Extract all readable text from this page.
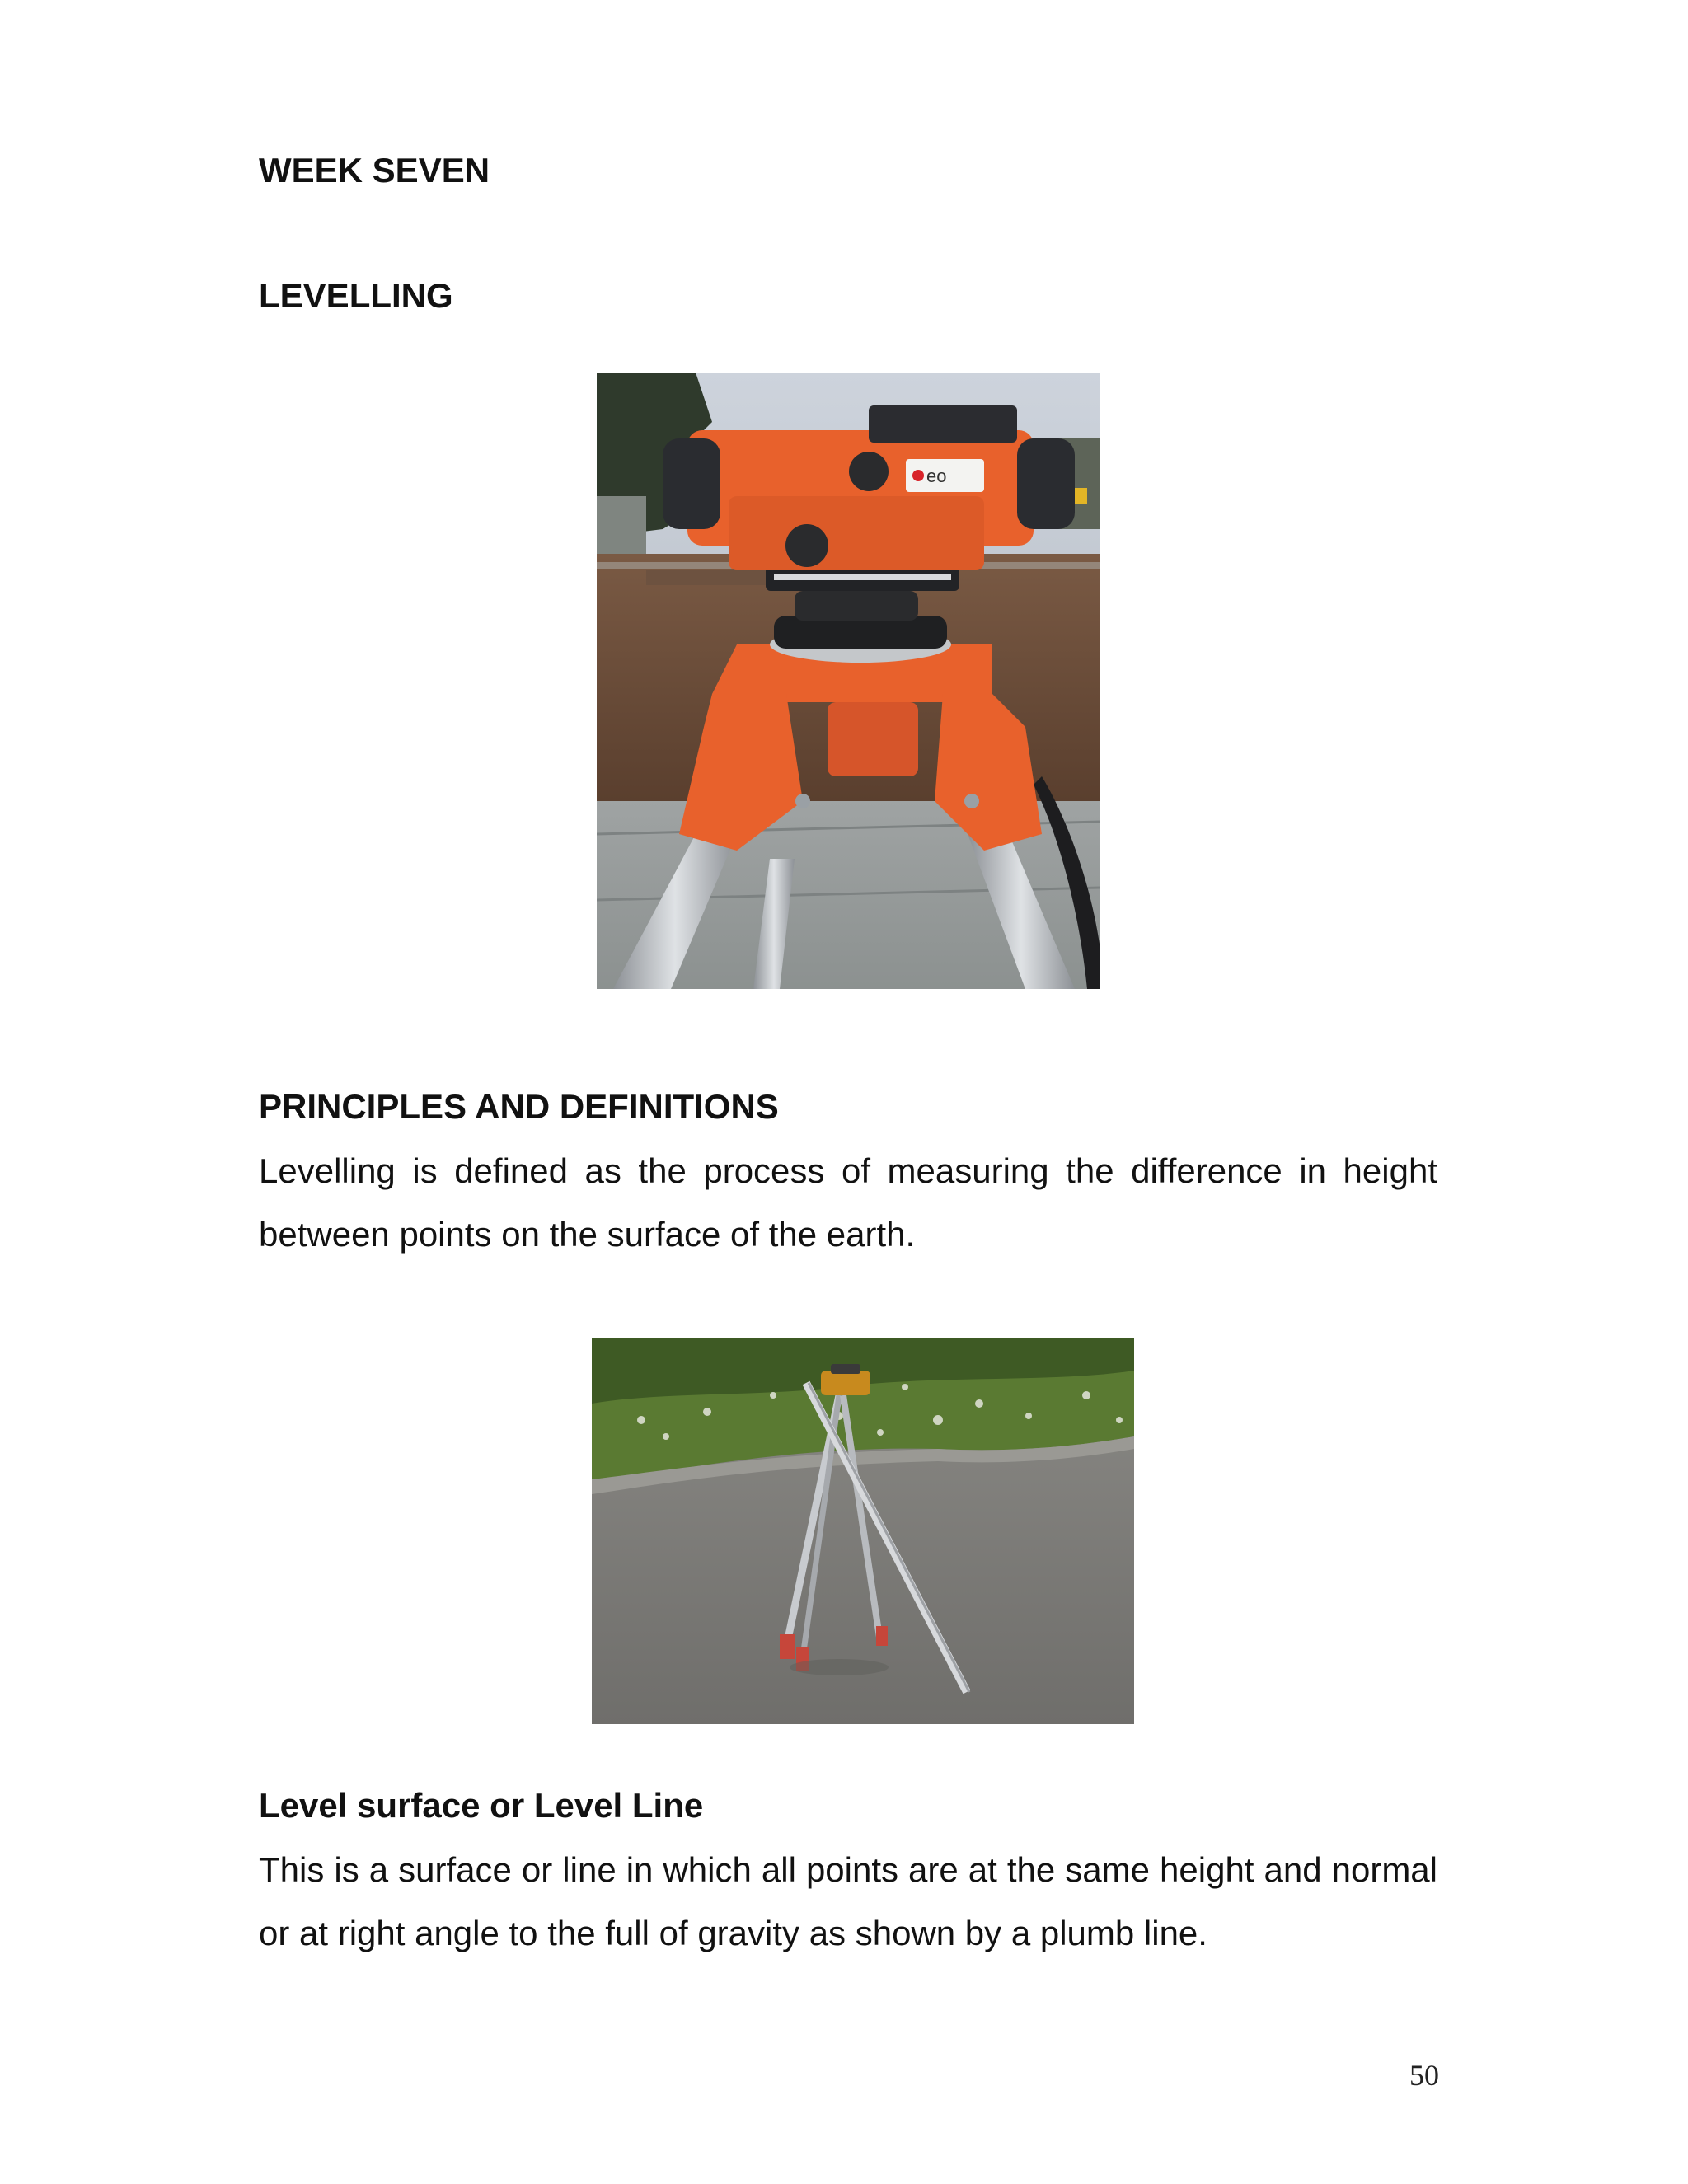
WEEK SEVEN
LEVELLING
eo
PRINCIPLES AND DEFINITIONS

Levelling is defined as the process of measuring the difference in height between points on the surface of the earth.

Level surface or Level Line

This is a surface or line in which all points are at the same height and normal or at right angle to the full of gravity as shown by a plumb line.

50
